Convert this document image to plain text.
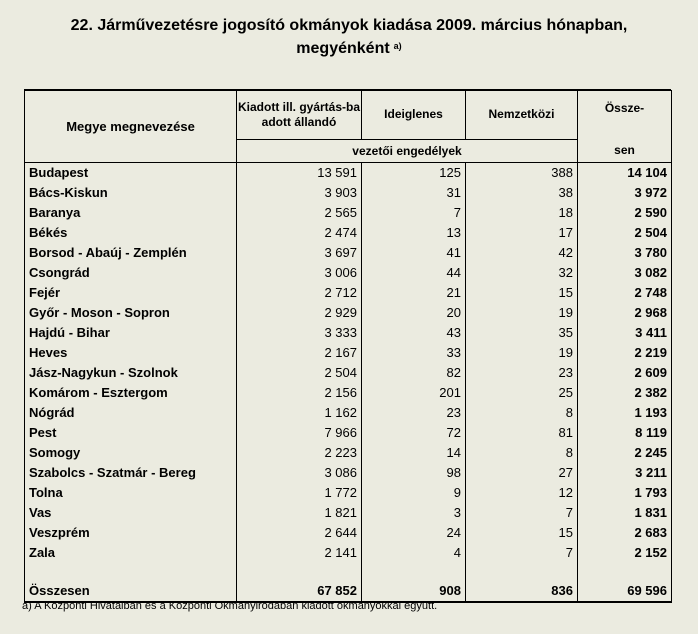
22. Járművezetésre jogosító okmányok kiadása 2009. március hónapban,
megyénként $^{a)}$
Megye megnevezése	Kiadott ill. gyártás-ba adott állandó	Ideiglenes	Nemzetközi	Össze-
	vezetői engedélyek			sen
Budapest	13 591	125	388	14 104
Bács-Kiskun	3 903	31	38	3 972
Baranya	2 565	7	18	2 590
Békés	2 474	13	17	2 504
Borsod - Abaúj - Zemplén	3 697	41	42	3 780
Csongrád	3 006	44	32	3 082
Fejér	2 712	21	15	2 748
Győr - Moson - Sopron	2 929	20	19	2 968
Hajdú - Bihar	3 333	43	35	3 411
Heves	2 167	33	19	2 219
Jász-Nagykun - Szolnok	2 504	82	23	2 609
Komárom - Esztergom	2 156	201	25	2 382
Nógrád	1 162	23	8	1 193
Pest	7 966	72	81	8 119
Somogy	2 223	14	8	2 245
Szabolcs - Szatmár - Bereg	3 086	98	27	3 211
Tolna	1 772	9	12	1 793
Vas	1 821	3	7	1 831
Veszprém	2 644	24	15	2 683
Zala	2 141	4	7	2 152

Összesen	67 852	908	836	69 596
a) A Központi Hivatalban és a Központi Okmányirodában kiadott okmányokkal együtt.
